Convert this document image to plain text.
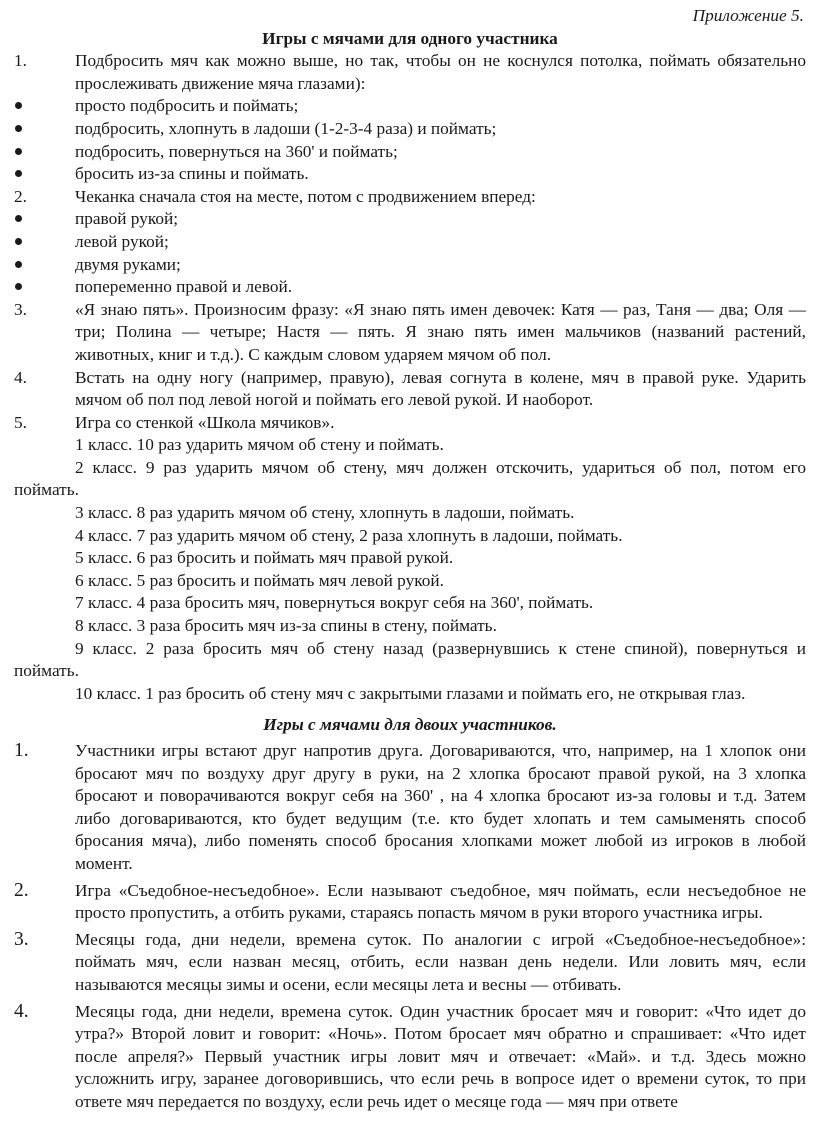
Приложение 5.
Игры с мячами для одного участника

1.	Подбросить мяч как можно выше, но так, чтобы он не коснулся потолка, поймать обязательно прослеживать движение мяча глазами):

просто подбросить и поймать;

подбросить, хлопнуть в ладоши (1-2-3-4 раза) и поймать;

подбросить, повернуться на 360' и поймать;

бросить из-за спины и поймать.

2.	Чеканка сначала стоя на месте, потом с продвижением вперед:

правой рукой;

левой рукой;

двумя руками;

попеременно правой и левой.

3.	«Я знаю пять». Произносим фразу: «Я знаю пять имен девочек: Катя — раз, Таня — два; Оля — три; Полина — четыре; Настя — пять. Я знаю пять имен мальчиков (названий растений, животных, книг и т.д.). С каждым словом ударяем мячом об пол.

4.	Встать на одну ногу (например, правую), левая согнута в колене, мяч в правой руке. Ударить мячом об пол под левой ногой и поймать его левой рукой. И наоборот.

5.	Игра со стенкой «Школа мячиков».

1 класс. 10 раз ударить мячом об стену и поймать.

2 класс. 9 раз ударить мячом об стену, мяч должен отскочить, удариться об пол, потом его поймать.

3 класс. 8 раз ударить мячом об стену, хлопнуть в ладоши, поймать.

4 класс. 7 раз ударить мячом об стену, 2 раза хлопнуть в ладоши, поймать.

5 класс. 6 раз бросить и поймать мяч правой рукой.

6 класс. 5 раз бросить и поймать мяч левой рукой.

7 класс. 4 раза бросить мяч, повернуться вокруг себя на 360', поймать.

8 класс. 3 раза бросить мяч из-за спины в стену, поймать.

9 класс. 2 раза бросить мяч об стену назад (развернувшись к стене спиной), повернуться и поймать.

10 класс. 1 раз бросить об стену мяч с закрытыми глазами и поймать его, не открывая глаз.

Игры с мячами для двоих участников.

1.	Участники игры встают друг напротив друга. Договариваются, что, например, на 1 хлопок они бросают мяч по воздуху друг другу в руки, на 2 хлопка бросают правой рукой, на 3 хлопка бросают и поворачиваются вокруг себя на 360' , на 4 хлопка бросают из-за головы и т.д. Затем либо договариваются, кто будет ведущим (т.е. кто будет хлопать и тем самыменять способ бросания мяча), либо поменять способ бросания хлопками может любой из игроков в любой момент.

2.	Игра «Съедобное-несъедобное». Если называют съедобное, мяч поймать, если несъедобное не просто пропустить, а отбить руками, стараясь попасть мячом в руки второго участника игры.

3.	Месяцы года, дни недели, времена суток. По аналогии с игрой «Съедобное-несъедобное»: поймать мяч, если назван месяц, отбить, если назван день недели. Или ловить мяч, если называются месяцы зимы и осени, если месяцы лета и весны — отбивать.

4.	Месяцы года, дни недели, времена суток. Один участник бросает мяч и говорит: «Что идет до утра?» Второй ловит и говорит: «Ночь». Потом бросает мяч обратно и спрашивает: «Что идет после апреля?» Первый участник игры ловит мяч и отвечает: «Май». и т.д. Здесь можно усложнить игру, заранее договорившись, что если речь в вопросе идет о времени суток, то при ответе мяч передается по воздуху, если речь идет о месяце года — мяч при ответе
